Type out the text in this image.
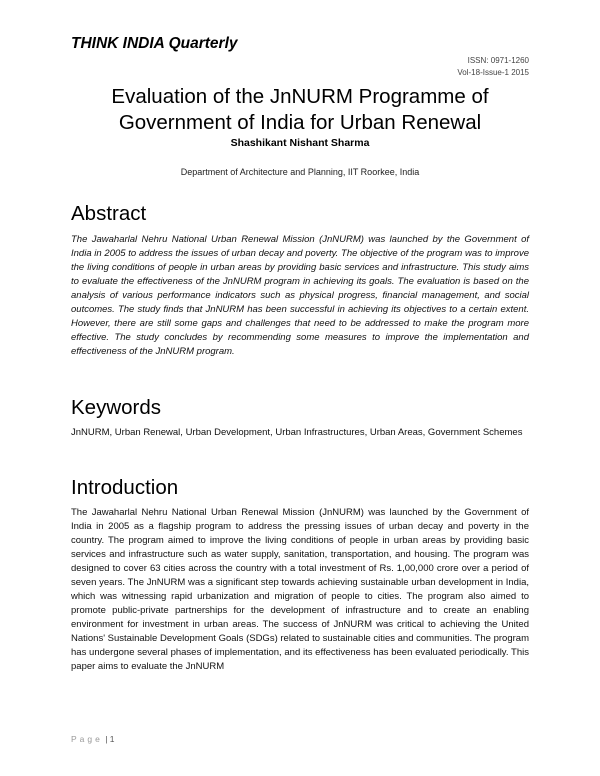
THINK INDIA Quarterly
ISSN: 0971-1260
Vol-18-Issue-1 2015
Evaluation of the JnNURM Programme of
Government of India for Urban Renewal
Shashikant Nishant Sharma
Department of Architecture and Planning, IIT Roorkee, India
Abstract

The Jawaharlal Nehru National Urban Renewal Mission (JnNURM) was launched by the Government of India in 2005 to address the issues of urban decay and poverty. The objective of the program was to improve the living conditions of people in urban areas by providing basic services and infrastructure. This study aims to evaluate the effectiveness of the JnNURM program in achieving its goals. The evaluation is based on the analysis of various performance indicators such as physical progress, financial management, and social outcomes. The study finds that JnNURM has been successful in achieving its objectives to a certain extent. However, there are still some gaps and challenges that need to be addressed to make the program more effective. The study concludes by recommending some measures to improve the implementation and effectiveness of the JnNURM program.

Keywords

JnNURM, Urban Renewal, Urban Development, Urban Infrastructures, Urban Areas, Government Schemes

Introduction

The Jawaharlal Nehru National Urban Renewal Mission (JnNURM) was launched by the Government of India in 2005 as a flagship program to address the pressing issues of urban decay and poverty in the country. The program aimed to improve the living conditions of people in urban areas by providing basic services and infrastructure such as water supply, sanitation, transportation, and housing. The program was designed to cover 63 cities across the country with a total investment of Rs. 1,00,000 crore over a period of seven years. The JnNURM was a significant step towards achieving sustainable urban development in India, which was witnessing rapid urbanization and migration of people to cities. The program also aimed to promote public-private partnerships for the development of infrastructure and to create an enabling environment for investment in urban areas. The success of JnNURM was critical to achieving the United Nations' Sustainable Development Goals (SDGs) related to sustainable cities and communities. The program has undergone several phases of implementation, and its effectiveness has been evaluated periodically. This paper aims to evaluate the JnNURM

Page | 1
